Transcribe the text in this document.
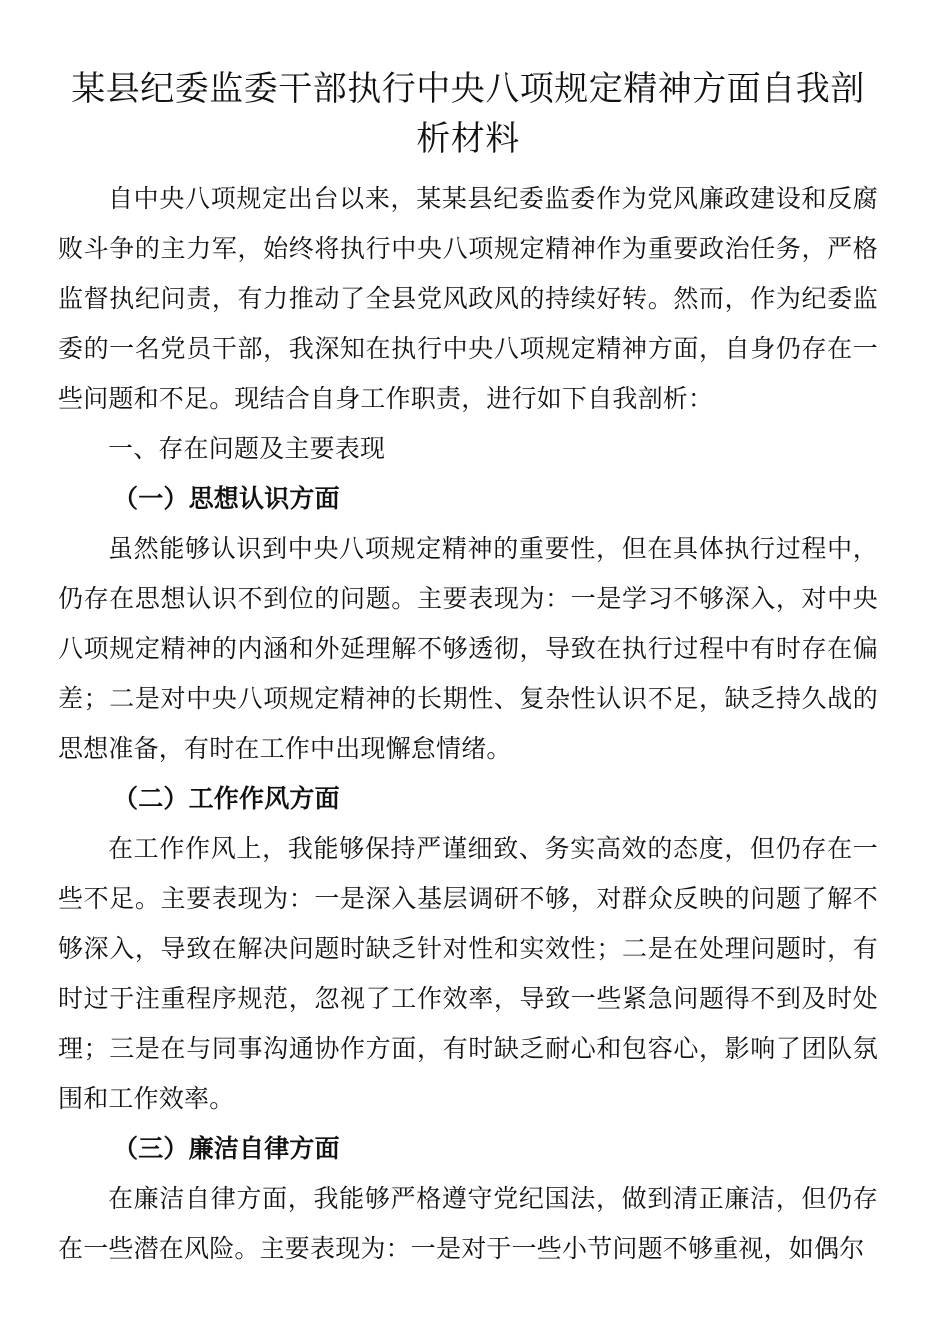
某县纪委监委干部执行中央八项规定精神方面自我剖析材料

自中央八项规定出台以来，某某县纪委监委作为党风廉政建设和反腐败斗争的主力军，始终将执行中央八项规定精神作为重要政治任务，严格监督执纪问责，有力推动了全县党风政风的持续好转。然而，作为纪委监委的一名党员干部，我深知在执行中央八项规定精神方面，自身仍存在一些问题和不足。现结合自身工作职责，进行如下自我剖析：

一、存在问题及主要表现

（一）思想认识方面

虽然能够认识到中央八项规定精神的重要性，但在具体执行过程中，仍存在思想认识不到位的问题。主要表现为：一是学习不够深入，对中央八项规定精神的内涵和外延理解不够透彻，导致在执行过程中有时存在偏差；二是对中央八项规定精神的长期性、复杂性认识不足，缺乏持久战的思想准备，有时在工作中出现懈怠情绪。

（二）工作作风方面

在工作作风上，我能够保持严谨细致、务实高效的态度，但仍存在一些不足。主要表现为：一是深入基层调研不够，对群众反映的问题了解不够深入，导致在解决问题时缺乏针对性和实效性；二是在处理问题时，有时过于注重程序规范，忽视了工作效率，导致一些紧急问题得不到及时处理；三是在与同事沟通协作方面，有时缺乏耐心和包容心，影响了团队氛围和工作效率。

（三）廉洁自律方面

在廉洁自律方面，我能够严格遵守党纪国法，做到清正廉洁，但仍存在一些潜在风险。主要表现为：一是对于一些小节问题不够重视，如偶尔
